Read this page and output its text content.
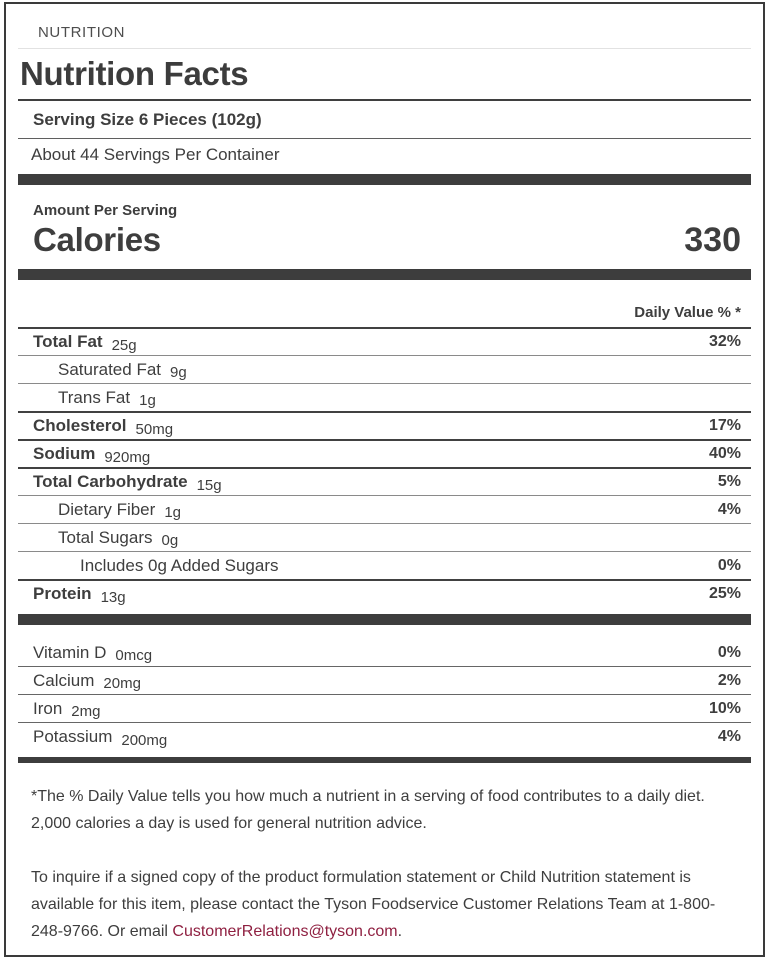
NUTRITION
Nutrition Facts
Serving Size 6 Pieces (102g)
About 44 Servings Per Container
Amount Per Serving
Calories	330
Daily Value % *
Total Fat 25g	32%
Saturated Fat 9g
Trans Fat 1g
Cholesterol 50mg	17%
Sodium 920mg	40%
Total Carbohydrate 15g	5%
Dietary Fiber 1g	4%
Total Sugars 0g
Includes 0g Added Sugars	0%
Protein 13g	25%
Vitamin D 0mcg	0%
Calcium 20mg	2%
Iron 2mg	10%
Potassium 200mg	4%

*The % Daily Value tells you how much a nutrient in a serving of food contributes to a daily diet. 2,000 calories a day is used for general nutrition advice.

To inquire if a signed copy of the product formulation statement or Child Nutrition statement is available for this item, please contact the Tyson Foodservice Customer Relations Team at 1-800-248-9766. Or email CustomerRelations@tyson.com.
